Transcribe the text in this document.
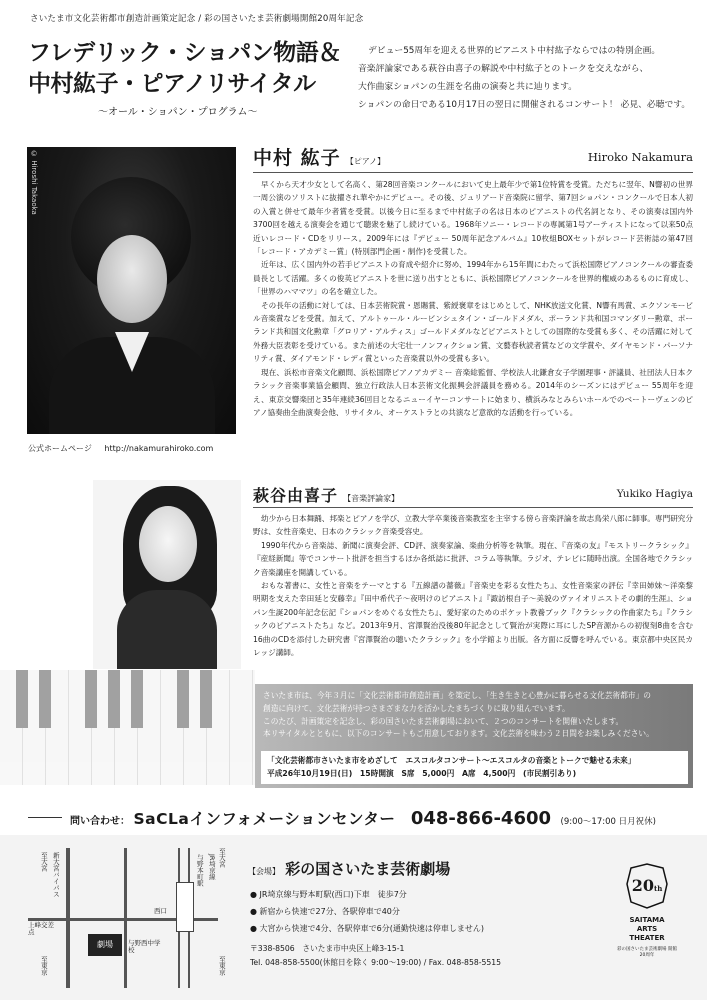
さいたま市文化芸術都市創造計画策定記念 / 彩の国さいたま芸術劇場開館20周年記念
フレデリック・ショパン物語＆
中村紘子・ピアノリサイタル
〜オール・ショパン・プログラム〜
デビュー55周年を迎える世界的ピアニスト中村紘子ならではの特別企画。
音楽評論家である萩谷由喜子の解説や中村紘子とのトークを交えながら、
大作曲家ショパンの生涯を名曲の演奏と共に辿ります。
ショパンの命日である10月17日の翌日に開催されるコンサート！ 必見、必聴です。
© Hiroshi Takaoka
公式ホームページ http://nakamurahiroko.com
中村 紘子 【ピアノ】	Hiroko Nakamura

早くから天才少女として名高く、第28回音楽コンクールにおいて史上最年少で第1位特賞を受賞。ただちに翌年、N響初の世界一周公演のソリストに抜擢され華やかにデビュー。その後、ジュリアード音楽院に留学、第7回ショパン・コンクールで日本人初の入賞と併せて最年少者賞を受賞。以後今日に至るまで中村紘子の名は日本のピアニストの代名詞となり、その演奏は国内外3700回を越える演奏会を通じて聴衆を魅了し続けている。1968年ソニー・レコードの専属第1号アーティストになって以来50点近いレコード・CDをリリース。2009年には『デビュー 50周年記念アルバム』10枚組BOXセットがレコード芸術誌の第47回「レコード・アカデミー賞」(特別部門企画・制作)を受賞した。

近年は、広く国内外の若手ピアニストの育成や紹介に努め、1994年から15年間にわたって浜松国際ピアノコンクールの審査委員長として活躍。多くの俊英ピアニストを世に送り出すとともに、浜松国際ピアノコンクールを世界的権威のあるものに育成し、「世界のハママツ」の名を確立した。

その長年の活動に対しては、日本芸術院賞・恩賜賞、紫綬褒章をはじめとして、NHK放送文化賞、N響有馬賞、エクソンモービル音楽賞などを受賞。加えて、アルトゥール・ルービンシュタイン・ゴールドメダル、ポーランド共和国コマンダリー勲章、ポーランド共和国文化勲章「グロリア・アルティス」ゴールドメダルなどピアニストとしての国際的な受賞も多く、その活躍に対して外務大臣表彰を受けている。また前述の大宅壮一ノンフィクション賞、文藝春秋読者賞などの文学賞や、ダイヤモンド・パーソナリティ賞、ダイアモンド・レディ賞といった音楽賞以外の受賞も多い。

現在、浜松市音楽文化顧問、浜松国際ピアノアカデミー 音楽総監督、学校法人北鎌倉女子学園理事・評議員、社団法人日本クラシック音楽事業協会顧問、独立行政法人日本芸術文化振興会評議員を務める。2014年のシーズンにはデビュー 55周年を迎え、東京交響楽団と35年連続36回目となるニューイヤーコンサートに始まり、横浜みなとみらいホールでのベートーヴェンのピアノ協奏曲全曲演奏会他、リサイタル、オーケストラとの共演など意欲的な活動を行っている。

萩谷由喜子 【音楽評論家】	Yukiko Hagiya

幼少から日本舞踊、邦楽とピアノを学び、立教大学卒業後音楽教室を主宰する傍ら音楽評論を故志鳥栄八郎に師事。専門研究分野は、女性音楽史、日本のクラシック音楽受容史。

1990年代から音楽誌、新聞に演奏会評、CD評、演奏家論、楽曲分析等を執筆。現在、『音楽の友』『モストリークラシック』『産経新聞』等でコンサート批評を担当するほか各紙誌に批評、コラム等執筆。ラジオ、テレビに随時出演。全国各地でクラシック音楽講座を開講している。

おもな著書に、女性と音楽をテーマとする『五線譜の薔薇』『音楽史を彩る女性たち』、女性音楽家の評伝『幸田姉妹〜洋楽黎明期を支えた幸田延と安藤幸』『田中希代子〜夜明けのピアニスト』『諏訪根自子〜美貌のヴァイオリニストその劇的生涯』、ショパン生誕200年記念伝記『ショパンをめぐる女性たち』、愛好家のためのポケット教養ブック『クラシックの作曲家たち』『クラシックのピアニストたち』など。2013年9月、宮澤賢治没後80年記念として賢治が実際に耳にしたSP音源からの初復刻8曲を含む16曲のCDを添付した研究書『宮澤賢治の聴いたクラシック』を小学館より出版。各方面に反響を呼んでいる。東京都中央区民カレッジ講師。

さいたま市は、今年３月に「文化芸術都市創造計画」を策定し、「生き生きと心豊かに暮らせる文化芸術都市」の
創造に向けて、文化芸術が持つさまざまな力を活かしたまちづくりに取り組んでいます。
このたび、計画策定を記念し、彩の国さいたま芸術劇場において、２つのコンサートを開催いたします。
本リサイタルとともに、以下のコンサートもご用意しております。文化芸術を味わう２日間をお楽しみください。
「文化芸術都市さいたま市をめざして　エスコルタコンサート〜エスコルタの音楽とトークで魅せる未来」
平成26年10月19日(日)　15時開演　S席　5,000円　A席　4,500円　(市民割引あり)
問い合わせ： SaCLaインフォメーションセンター 048-866-4600 (9:00〜17:00 日月祝休)
劇場
新大宮バイパス
至大宮
上峰交差点
至東京
与野西中学校
与野本町駅 JR埼京線
西口
至大宮
至東京
【会場】 彩の国さいたま芸術劇場
● JR埼京線与野本町駅(西口)下車　徒歩7分
● 新宿から快速で27分、各駅停車で40分
● 大宮から快速で4分、各駅停車で6分(通勤快速は停車しません)
〒338-8506　さいたま市中央区上峰3-15-1
Tel. 048-858-5500(休館日を除く 9:00〜19:00) / Fax. 048-858-5515
20th
SAITAMA
ARTS
THEATER
彩の国さいたま芸術劇場 開館20周年
